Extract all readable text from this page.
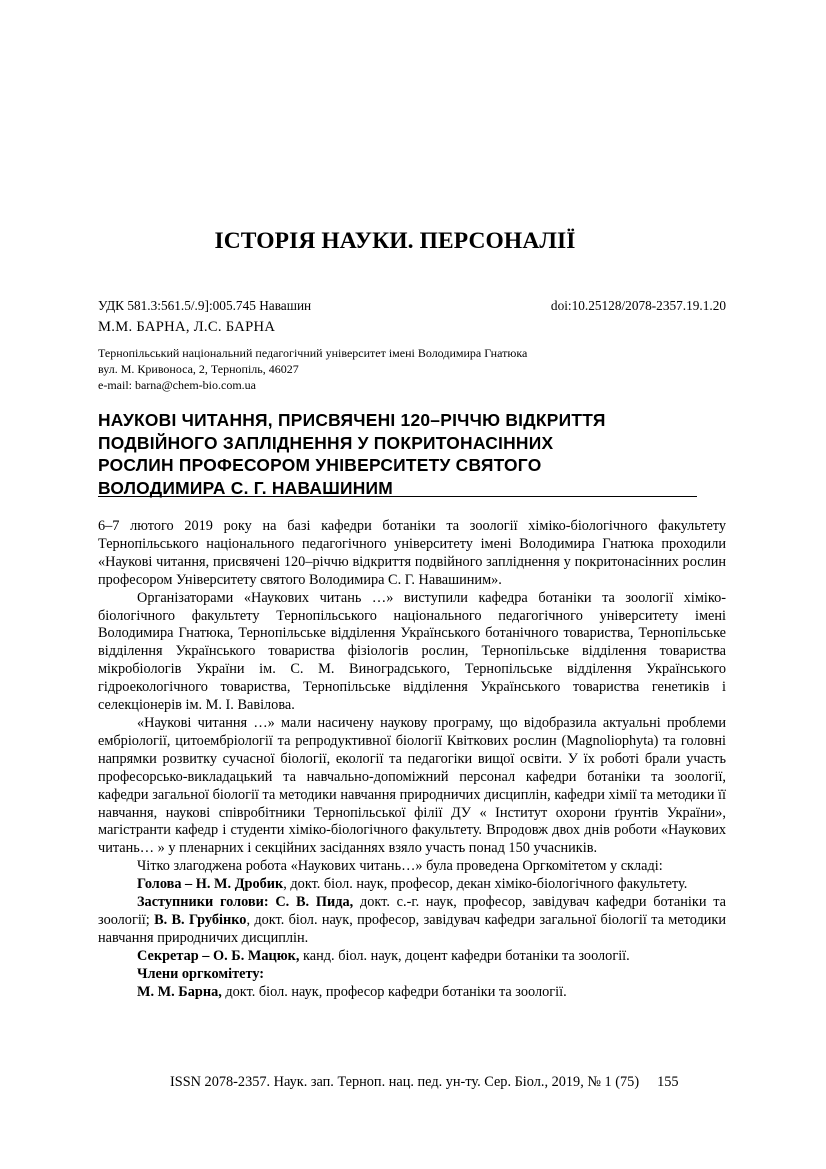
ІСТОРІЯ НАУКИ. ПЕРСОНАЛІЇ
УДК 581.3:561.5/.9]:005.745 Навашин	doi:10.25128/2078-2357.19.1.20
М.М. БАРНА, Л.С. БАРНА
Тернопільський національний педагогічний університет імені Володимира Гнатюка
вул. М. Кривоноса, 2, Тернопіль, 46027
e-mail: barna@chem-bio.com.ua
НАУКОВІ ЧИТАННЯ, ПРИСВЯЧЕНІ 120–РІЧЧЮ ВІДКРИТТЯ
ПОДВІЙНОГО ЗАПЛІДНЕННЯ У ПОКРИТОНАСІННИХ
РОСЛИН ПРОФЕСОРОМ УНІВЕРСИТЕТУ СВЯТОГО
ВОЛОДИМИРА С. Г. НАВАШИНИМ

6–7 лютого 2019 року на базі кафедри ботаніки та зоології хіміко-біологічного факультету Тернопільського національного педагогічного університету імені Володимира Гнатюка проходили «Наукові читання, присвячені 120–річчю відкриття подвійного запліднення у покритонасінних рослин професором Університету святого Володимира С. Г. Навашиним».

Організаторами «Наукових читань …» виступили кафедра ботаніки та зоології хіміко-біологічного факультету Тернопільського національного педагогічного університету імені Володимира Гнатюка, Тернопільське відділення Українського ботанічного товариства, Тернопільське відділення Українського товариства фізіологів рослин, Тернопільське відділення товариства мікробіологів України ім. С. М. Виноградського, Тернопільське відділення Українського гідроекологічного товариства, Тернопільське відділення Українського товариства генетиків і селекціонерів ім. М. І. Вавілова.

«Наукові читання …» мали насичену наукову програму, що відобразила актуальні проблеми ембріології, цитоембріології та репродуктивної біології Квіткових рослин (Magnoliophyta) та головні напрямки розвитку сучасної біології, екології та педагогіки вищої освіти. У їх роботі брали участь професорсько-викладацький та навчально-допоміжний персонал кафедри ботаніки та зоології, кафедри загальної біології та методики навчання природничих дисциплін, кафедри хімії та методики її навчання, наукові співробітники Тернопільської філії ДУ « Інститут охорони ґрунтів України», магістранти кафедр і студенти хіміко-біологічного факультету. Впродовж двох днів роботи «Наукових читань… » у пленарних і секційних засіданнях взяло участь понад 150 учасників.

Чітко злагоджена робота «Наукових читань…» була проведена Оргкомітетом у складі:

Голова – Н. М. Дробик, докт. біол. наук, професор, декан хіміко-біологічного факультету.

Заступники голови: С. В. Пида, докт. с.-г. наук, професор, завідувач кафедри ботаніки та зоології; В. В. Грубінко, докт. біол. наук, професор, завідувач кафедри загальної біології та методики навчання природничих дисциплін.

Секретар – О. Б. Мацюк, канд. біол. наук, доцент кафедри ботаніки та зоології.

Члени оргкомітету:

М. М. Барна, докт. біол. наук, професор кафедри ботаніки та зоології.

ISSN 2078-2357. Наук. зап. Терноп. нац. пед. ун-ту. Сер. Біол., 2019, № 1 (75) 155
